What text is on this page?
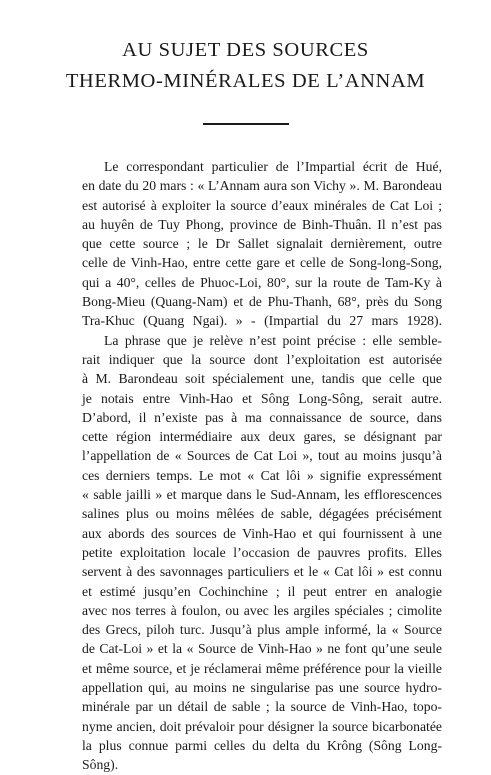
AU SUJET DES SOURCES
THERMO-MINÉRALES DE L’ANNAM
Le correspondant particulier de l’Impartial écrit de Hué,
en date du 20 mars : « L’Annam aura son Vichy ». M. Barondeau
est autorisé à exploiter la source d’eaux minérales de Cat Loi ;
au huyên de Tuy Phong, province de Binh-Thuân. Il n’est pas
que cette source ; le Dr Sallet signalait dernièrement, outre
celle de Vinh-Hao, entre cette gare et celle de Song-long-Song,
qui a 40°, celles de Phuoc-Loi, 80°, sur la route de Tam-Ky à
Bong-Mieu (Quang-Nam) et de Phu-Thanh, 68°, près du Song
Tra-Khuc (Quang Ngai). » - (Impartial du 27 mars 1928).
La phrase que je relève n’est point précise : elle semble-
rait indiquer que la source dont l’exploitation est autorisée
à M. Barondeau soit spécialement une, tandis que celle que
je notais entre Vinh-Hao et Sông Long-Sông, serait autre.
D’abord, il n’existe pas à ma connaissance de source, dans
cette région intermédiaire aux deux gares, se désignant par
l’appellation de « Sources de Cat Loi », tout au moins jusqu’à
ces derniers temps. Le mot « Cat lôi » signifie expressément
« sable jailli » et marque dans le Sud-Annam, les efflorescences
salines plus ou moins mêlées de sable, dégagées précisément
aux abords des sources de Vinh-Hao et qui fournissent à une
petite exploitation locale l’occasion de pauvres profits. Elles
servent à des savonnages particuliers et le « Cat lôi » est connu
et estimé jusqu’en Cochinchine ; il peut entrer en analogie
avec nos terres à foulon, ou avec les argiles spéciales ; cimolite
des Grecs, piloh turc. Jusqu’à plus ample informé, la « Source
de Cat-Loi » et la « Source de Vinh-Hao » ne font qu’une seule
et même source, et je réclamerai même préférence pour la vieille
appellation qui, au moins ne singularise pas une source hydro-
minérale par un détail de sable ; la source de Vinh-Hao, topo-
nyme ancien, doit prévaloir pour désigner la source bicarbonatée
la plus connue parmi celles du delta du Krông (Sông Long-
Sông).
